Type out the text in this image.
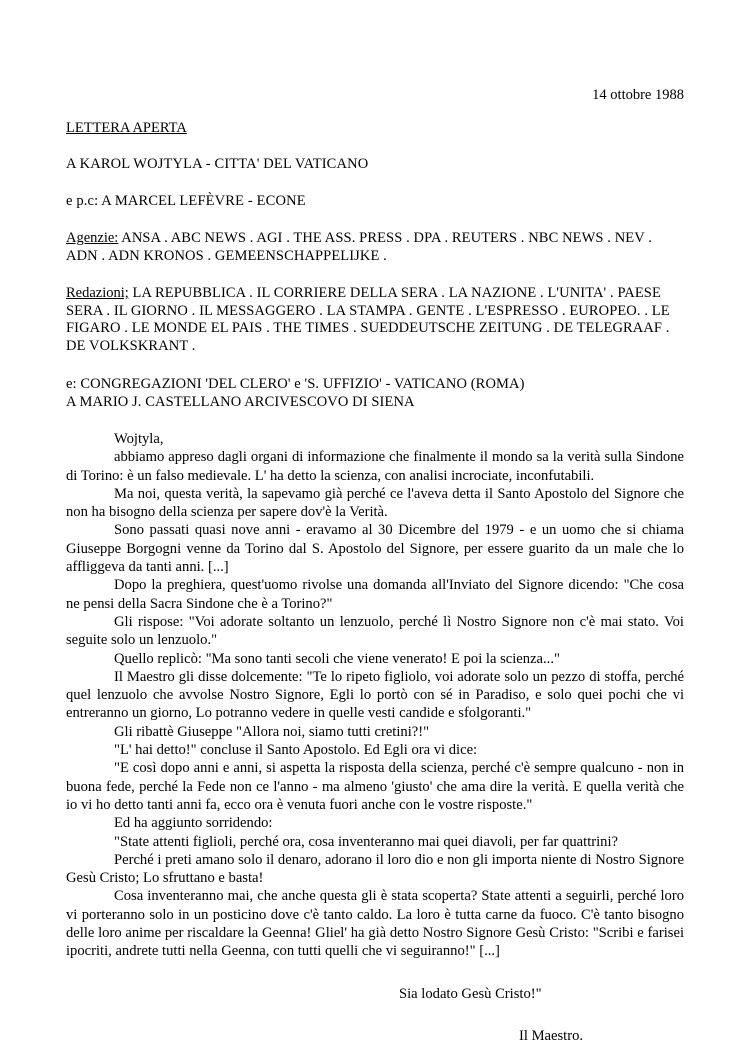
14 ottobre 1988
LETTERA APERTA
A KAROL WOJTYLA - CITTA' DEL VATICANO
e p.c: A MARCEL LEFÈVRE - ECONE
Agenzie: ANSA . ABC NEWS . AGI . THE ASS. PRESS . DPA . REUTERS . NBC NEWS . NEV . ADN . ADN KRONOS . GEMEENSCHAPPELIJKE .
Redazioni; LA REPUBBLICA . IL CORRIERE DELLA SERA . LA NAZIONE . L'UNITA' . PAESE SERA . IL GIORNO . IL MESSAGGERO . LA STAMPA . GENTE . L'ESPRESSO . EUROPEO. . LE FIGARO . LE MONDE EL PAIS . THE TIMES . SUEDDEUTSCHE ZEITUNG . DE TELEGRAAF . DE VOLKSKRANT .
e: CONGREGAZIONI 'DEL CLERO' e 'S. UFFIZIO' - VATICANO (ROMA)
A MARIO J. CASTELLANO ARCIVESCOVO DI SIENA
Wojtyla,

abbiamo appreso dagli organi di informazione che finalmente il mondo sa la verità sulla Sindone di Torino: è un falso medievale. L' ha detto la scienza, con analisi incrociate, inconfutabili.

Ma noi, questa verità, la sapevamo già perché ce l'aveva detta il Santo Apostolo del Signore che non ha bisogno della scienza per sapere dov'è la Verità.

Sono passati quasi nove anni - eravamo al 30 Dicembre del 1979 - e un uomo che si chiama Giuseppe Borgogni venne da Torino dal S. Apostolo del Signore, per essere guarito da un male che lo affliggeva da tanti anni. [...]

Dopo la preghiera, quest'uomo rivolse una domanda all'Inviato del Signore dicendo: "Che cosa ne pensi della Sacra Sindone che è a Torino?"

Gli rispose: "Voi adorate soltanto un lenzuolo, perché lì Nostro Signore non c'è mai stato. Voi seguite solo un lenzuolo."

Quello replicò: "Ma sono tanti secoli che viene venerato! E poi la scienza..."

Il Maestro gli disse dolcemente: "Te lo ripeto figliolo, voi adorate solo un pezzo di stoffa, perché quel lenzuolo che avvolse Nostro Signore, Egli lo portò con sé in Paradiso, e solo quei pochi che vi entreranno un giorno, Lo potranno vedere in quelle vesti candide e sfolgoranti."

Gli ribattè Giuseppe "Allora noi, siamo tutti cretini?!"

"L' hai detto!" concluse il Santo Apostolo. Ed Egli ora vi dice:

"E così dopo anni e anni, si aspetta la risposta della scienza, perché c'è sempre qualcuno - non in buona fede, perché la Fede non ce l'anno - ma almeno 'giusto' che ama dire la verità. E quella verità che io vi ho detto tanti anni fa, ecco ora è venuta fuori anche con le vostre risposte."

Ed ha aggiunto sorridendo:

"State attenti figlioli, perché ora, cosa inventeranno mai quei diavoli, per far quattrini?

Perché i preti amano solo il denaro, adorano il loro dio e non gli importa niente di Nostro Signore Gesù Cristo; Lo sfruttano e basta!

Cosa inventeranno mai, che anche questa gli è stata scoperta? State attenti a seguirli, perché loro vi porteranno solo in un posticino dove c'è tanto caldo. La loro è tutta carne da fuoco. C'è tanto bisogno delle loro anime per riscaldare la Geenna! Gliel' ha già detto Nostro Signore Gesù Cristo: "Scribi e farisei ipocriti, andrete tutti nella Geenna, con tutti quelli che vi seguiranno!" [...]

Sia lodato Gesù Cristo!"
Il Maestro.
